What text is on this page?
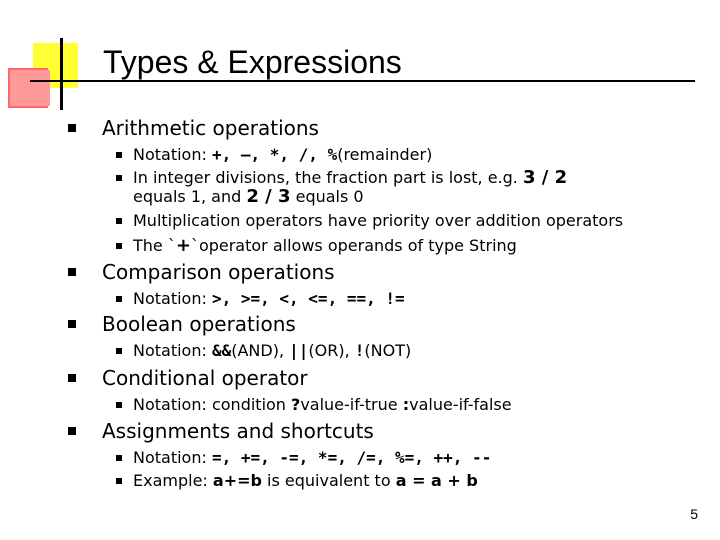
Types & Expressions
Arithmetic operations
Notation: +, –, *, /, %(remainder)
In integer divisions, the fraction part is lost, e.g. 3 / 2
equals 1, and 2 / 3 equals 0
Multiplication operators have priority over addition operators
The `+`operator allows operands of type String
Comparison operations
Notation: >, >=, <, <=, ==, !=
Boolean operations
Notation: &&(AND), ||(OR), !(NOT)
Conditional operator
Notation: condition ?value-if-true :value-if-false
Assignments and shortcuts
Notation: =, +=, -=, *=, /=, %=, ++, --
Example: a+=b is equivalent to a = a + b
5
